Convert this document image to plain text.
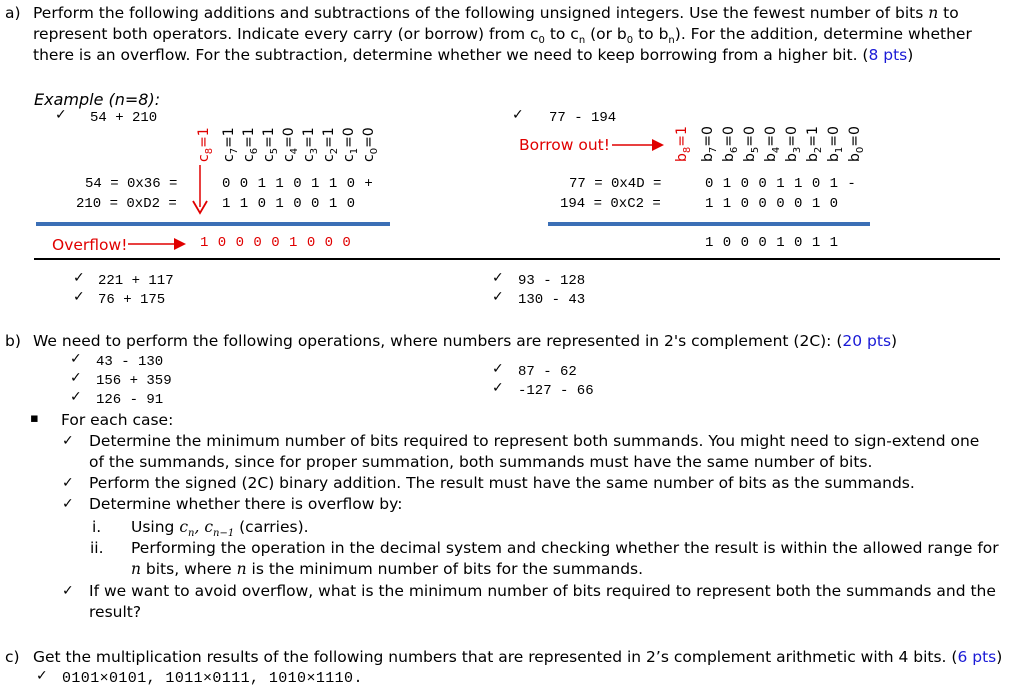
a) Perform the following additions and subtractions of the following unsigned integers. Use the fewest number of bits n to
represent both operators. Indicate every carry (or borrow) from $c_0$ to $c_n$ (or $b_0$ to $b_n$). For the addition, determine whether
there is an overflow. For the subtraction, determine whether we need to keep borrowing from a higher bit. (8 pts)
Example (n=8):
✓ 54 + 210
$c_8=1$
$c_7=1$
$c_6=1$
$c_5=1$
$c_4=0$
$c_3=1$
$c_2=1$
$c_1=0$
$c_0=0$
54 = 0x36 =	0 0 1 1 0 1 1 0 +
210 = 0xD2 =	1 1 0 1 0 0 1 0
Overflow!	1 0 0 0 0 1 0 0 0
✓ 77 - 194
Borrow out!
$b_8=1$
$b_7=0$
$b_6=0$
$b_5=0$
$b_4=0$
$b_3=0$
$b_2=1$
$b_1=0$
$b_0=0$
77 = 0x4D =	0 1 0 0 1 1 0 1 -
194 = 0xC2 =	1 1 0 0 0 0 1 0
1 0 0 0 1 0 1 1
✓ 221 + 117
✓ 76 + 175
✓ 93 - 128
✓ 130 - 43
b) We need to perform the following operations, where numbers are represented in 2's complement (2C): (20 pts)
✓ 43 - 130
✓ 156 + 359
✓ 126 - 91
✓ 87 - 62
✓ -127 - 66
▪ For each case:
✓ Determine the minimum number of bits required to represent both summands. You might need to sign-extend one
of the summands, since for proper summation, both summands must have the same number of bits.
✓ Perform the signed (2C) binary addition. The result must have the same number of bits as the summands.
✓ Determine whether there is overflow by:
i. Using $c_n$, $c_{n-1}$ (carries).
ii. Performing the operation in the decimal system and checking whether the result is within the allowed range for
n bits, where n is the minimum number of bits for the summands.
✓ If we want to avoid overflow, what is the minimum number of bits required to represent both the summands and the
result?
c) Get the multiplication results of the following numbers that are represented in 2’s complement arithmetic with 4 bits. (6 pts)
✓ 0101×0101, 1011×0111, 1010×1110.
